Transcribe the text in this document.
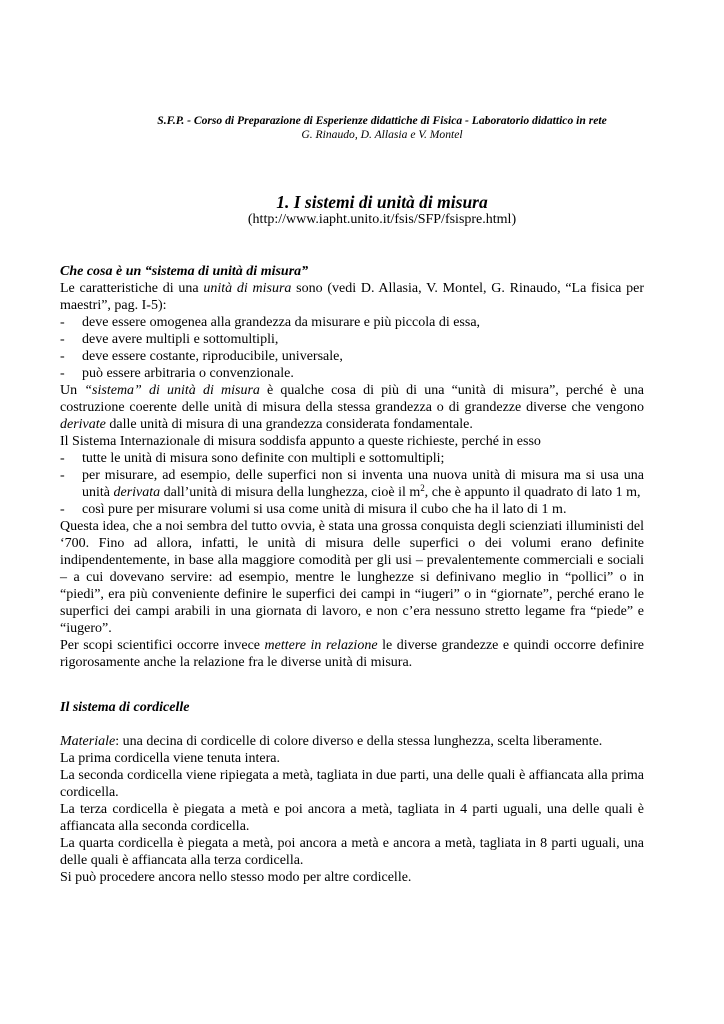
S.F.P. - Corso di Preparazione di Esperienze didattiche di Fisica - Laboratorio didattico in rete
G. Rinaudo, D. Allasia e V. Montel
1. I sistemi di unità di misura
(http://www.iapht.unito.it/fsis/SFP/fsispre.html)
Che cosa è un “sistema di unità di misura”

Le caratteristiche di una unità di misura sono (vedi D. Allasia, V. Montel, G. Rinaudo, “La fisica per maestri”, pag. I-5):

- deve essere omogenea alla grandezza da misurare e più piccola di essa,
- deve avere multipli e sottomultipli,
- deve essere costante, riproducibile, universale,
- può essere arbitraria o convenzionale.

Un “sistema” di unità di misura è qualche cosa di più di una “unità di misura”, perché è una costruzione coerente delle unità di misura della stessa grandezza o di grandezze diverse che vengono derivate dalle unità di misura di una grandezza considerata fondamentale.

Il Sistema Internazionale di misura soddisfa appunto a queste richieste, perché in esso

- tutte le unità di misura sono definite con multipli e sottomultipli;
- per misurare, ad esempio, delle superfici non si inventa una nuova unità di misura ma si usa una unità derivata dall’unità di misura della lunghezza, cioè il $m^2$, che è appunto il quadrato di lato 1 m,
- così pure per misurare volumi si usa come unità di misura il cubo che ha il lato di 1 m.

Questa idea, che a noi sembra del tutto ovvia, è stata una grossa conquista degli scienziati illuministi del ‘700. Fino ad allora, infatti, le unità di misura delle superfici o dei volumi erano definite indipendentemente, in base alla maggiore comodità per gli usi – prevalentemente commerciali e sociali – a cui dovevano servire: ad esempio, mentre le lunghezze si definivano meglio in “pollici” o in “piedi”, era più conveniente definire le superfici dei campi in “iugeri” o in “giornate”, perché erano le superfici dei campi arabili in una giornata di lavoro, e non c’era nessuno stretto legame fra “piede” e “iugero”.

Per scopi scientifici occorre invece mettere in relazione le diverse grandezze e quindi occorre definire rigorosamente anche la relazione fra le diverse unità di misura.

Il sistema di cordicelle

Materiale: una decina di cordicelle di colore diverso e della stessa lunghezza, scelta liberamente.

La prima cordicella viene tenuta intera.

La seconda cordicella viene ripiegata a metà, tagliata in due parti, una delle quali è affiancata alla prima cordicella.

La terza cordicella è piegata a metà e poi ancora a metà, tagliata in 4 parti uguali, una delle quali è affiancata alla seconda cordicella.

La quarta cordicella è piegata a metà, poi ancora a metà e ancora a metà, tagliata in 8 parti uguali, una delle quali è affiancata alla terza cordicella.

Si può procedere ancora nello stesso modo per altre cordicelle.
